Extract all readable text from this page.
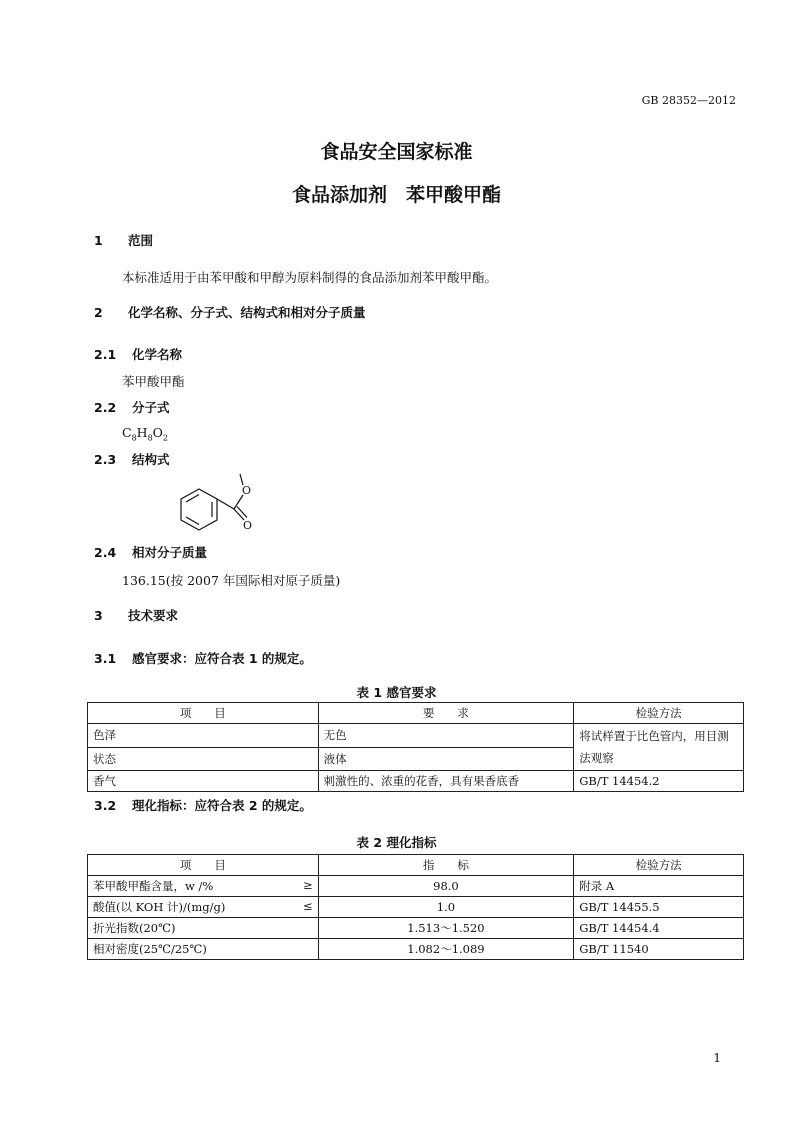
GB 28352—2012
食品安全国家标准
食品添加剂　苯甲酸甲酯
1 范围
本标准适用于由苯甲酸和甲醇为原料制得的食品添加剂苯甲酸甲酯。
2 化学名称、分子式、结构式和相对分子质量
2.1 化学名称
苯甲酸甲酯
2.2 分子式
$C_8H_8O_2$
2.3 结构式
O
O
2.4 相对分子质量
136.15(按 2007 年国际相对原子质量)
3 技术要求
3.1 感官要求：应符合表 1 的规定。
表 1 感官要求
项　　目	要　　求	检验方法
色泽	无色	将试样置于比色管内，用目测法观察
状态	液体	
香气	刺激性的、浓重的花香，具有果香底香	GB/T 14454.2
3.2 理化指标：应符合表 2 的规定。
表 2 理化指标
项　　目	指　　标	检验方法
苯甲酸甲酯含量，w /% ≥	98.0	附录 A
酸值(以 KOH 计)/(mg/g) ≤	1.0	GB/T 14455.5
折光指数(20℃)	1.513～1.520	GB/T 14454.4
相对密度(25℃/25℃)	1.082～1.089	GB/T 11540
1
